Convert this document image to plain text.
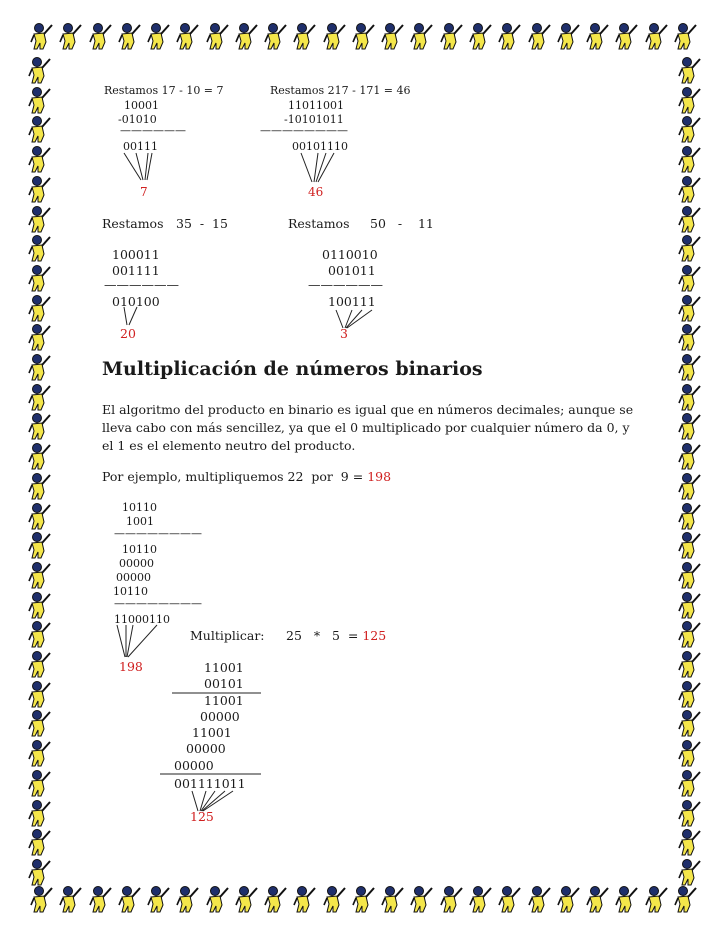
Restamos 17 - 10 = 7
10001
-01010
——————
00111
7
Restamos 217 - 171 = 46
11011001
-10101011
————————
00101110
46
Restamos 35  -  15
100011
001111
——————
010100
20
Restamos 50   -    11
0110010
001011
——————
100111
3
Multiplicación de números binarios
El algoritmo del producto en binario es igual que en números decimales; aunque se lleva cabo con más sencillez, ya que el 0 multiplicado por cualquier número da 0, y el 1 es el elemento neutro del producto.
Por ejemplo, multipliquemos 22  por  9 = 198
10110
1001
————————
10110
00000
00000
10110
————————
11000110
198
Multiplicar: 25   *   5  = 125
11001
00101
11001
00000
11001
00000
00000
001111011
125
